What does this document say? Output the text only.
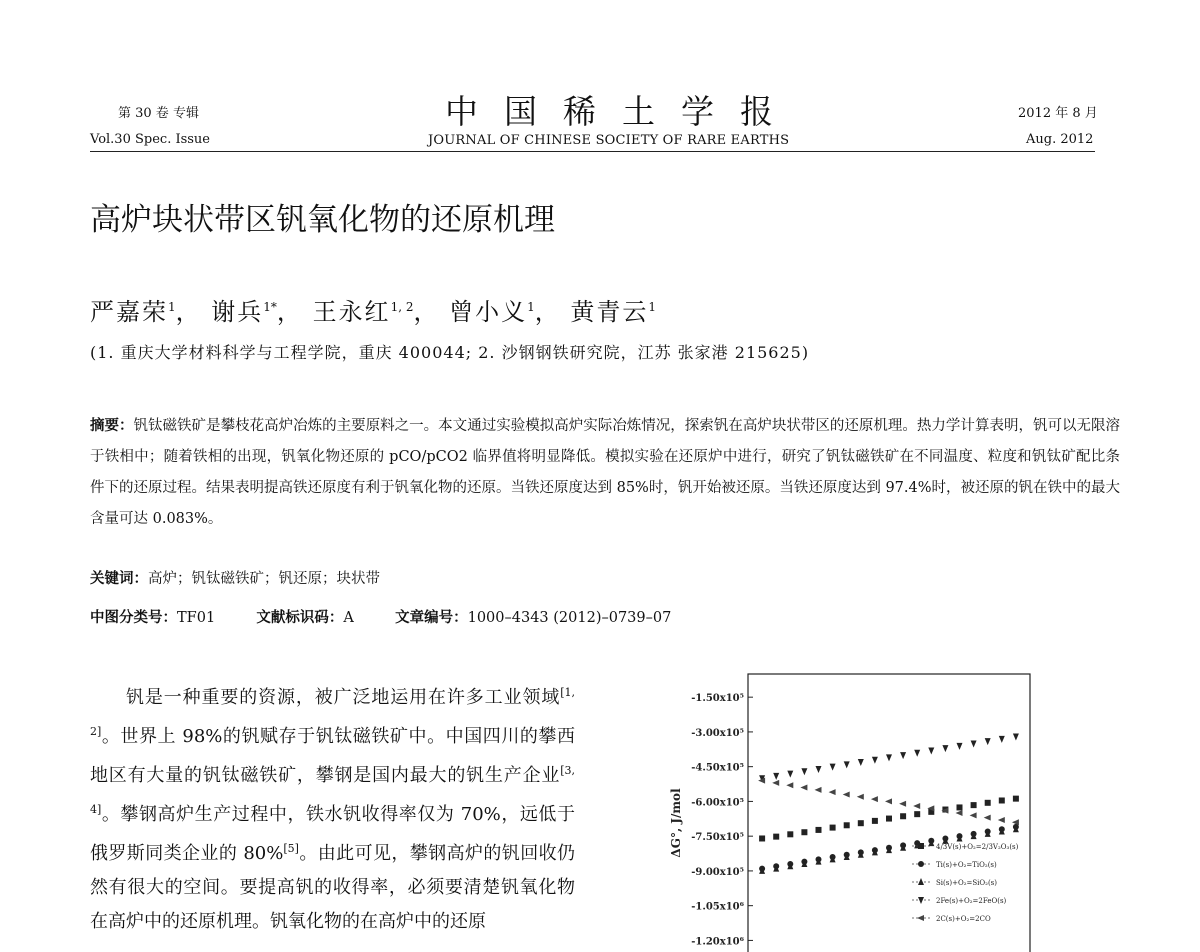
第 30 卷 专辑
Vol.30 Spec. Issue
中国稀土学报
JOURNAL OF CHINESE SOCIETY OF RARE EARTHS
2012 年 8 月
Aug. 2012
高炉块状带区钒氧化物的还原机理
严嘉荣$^1$， 谢兵$^{1*}$， 王永红$^{1, 2}$， 曾小义$^1$， 黄青云$^1$
(1. 重庆大学材料科学与工程学院，重庆 400044; 2. 沙钢钢铁研究院，江苏 张家港 215625)
摘要：钒钛磁铁矿是攀枝花高炉冶炼的主要原料之一。本文通过实验模拟高炉实际冶炼情况，探索钒在高炉块状带区的还原机理。热力学计算表明，钒可以无限溶于铁相中；随着铁相的出现，钒氧化物还原的 pCO/pCO2 临界值将明显降低。模拟实验在还原炉中进行，研究了钒钛磁铁矿在不同温度、粒度和钒钛矿配比条件下的还原过程。结果表明提高铁还原度有利于钒氧化物的还原。当铁还原度达到 85%时，钒开始被还原。当铁还原度达到 97.4%时，被还原的钒在铁中的最大含量可达 0.083%。
关键词：高炉；钒钛磁铁矿；钒还原；块状带
中图分类号：TF01	文献标识码：A	文章编号：1000–4343 (2012)–0739–07

钒是一种重要的资源，被广泛地运用在许多工业领域[1, 2]。世界上 98%的钒赋存于钒钛磁铁矿中。中国四川的攀西地区有大量的钒钛磁铁矿，攀钢是国内最大的钒生产企业[3, 4]。攀钢高炉生产过程中，铁水钒收得率仅为 70%，远低于俄罗斯同类企业的 80%[5]。由此可见，攀钢高炉的钒回收仍然有很大的空间。要提高钒的收得率，必须要清楚钒氧化物在高炉中的还原机理。钒氧化物的在高炉中的还原

-1.50x10⁵
-3.00x10⁵
-4.50x10⁵
-6.00x10⁵
-7.50x10⁵
-9.00x10⁵
-1.05x10⁶
-1.20x10⁶
ΔG°, J/mol	4/3V(s)+O₂=2/3V₂O₃(s)
Ti(s)+O₂=TiO₂(s)
Si(s)+O₂=SiO₂(s)
2Fe(s)+O₂=2FeO(s)
2C(s)+O₂=2CO
